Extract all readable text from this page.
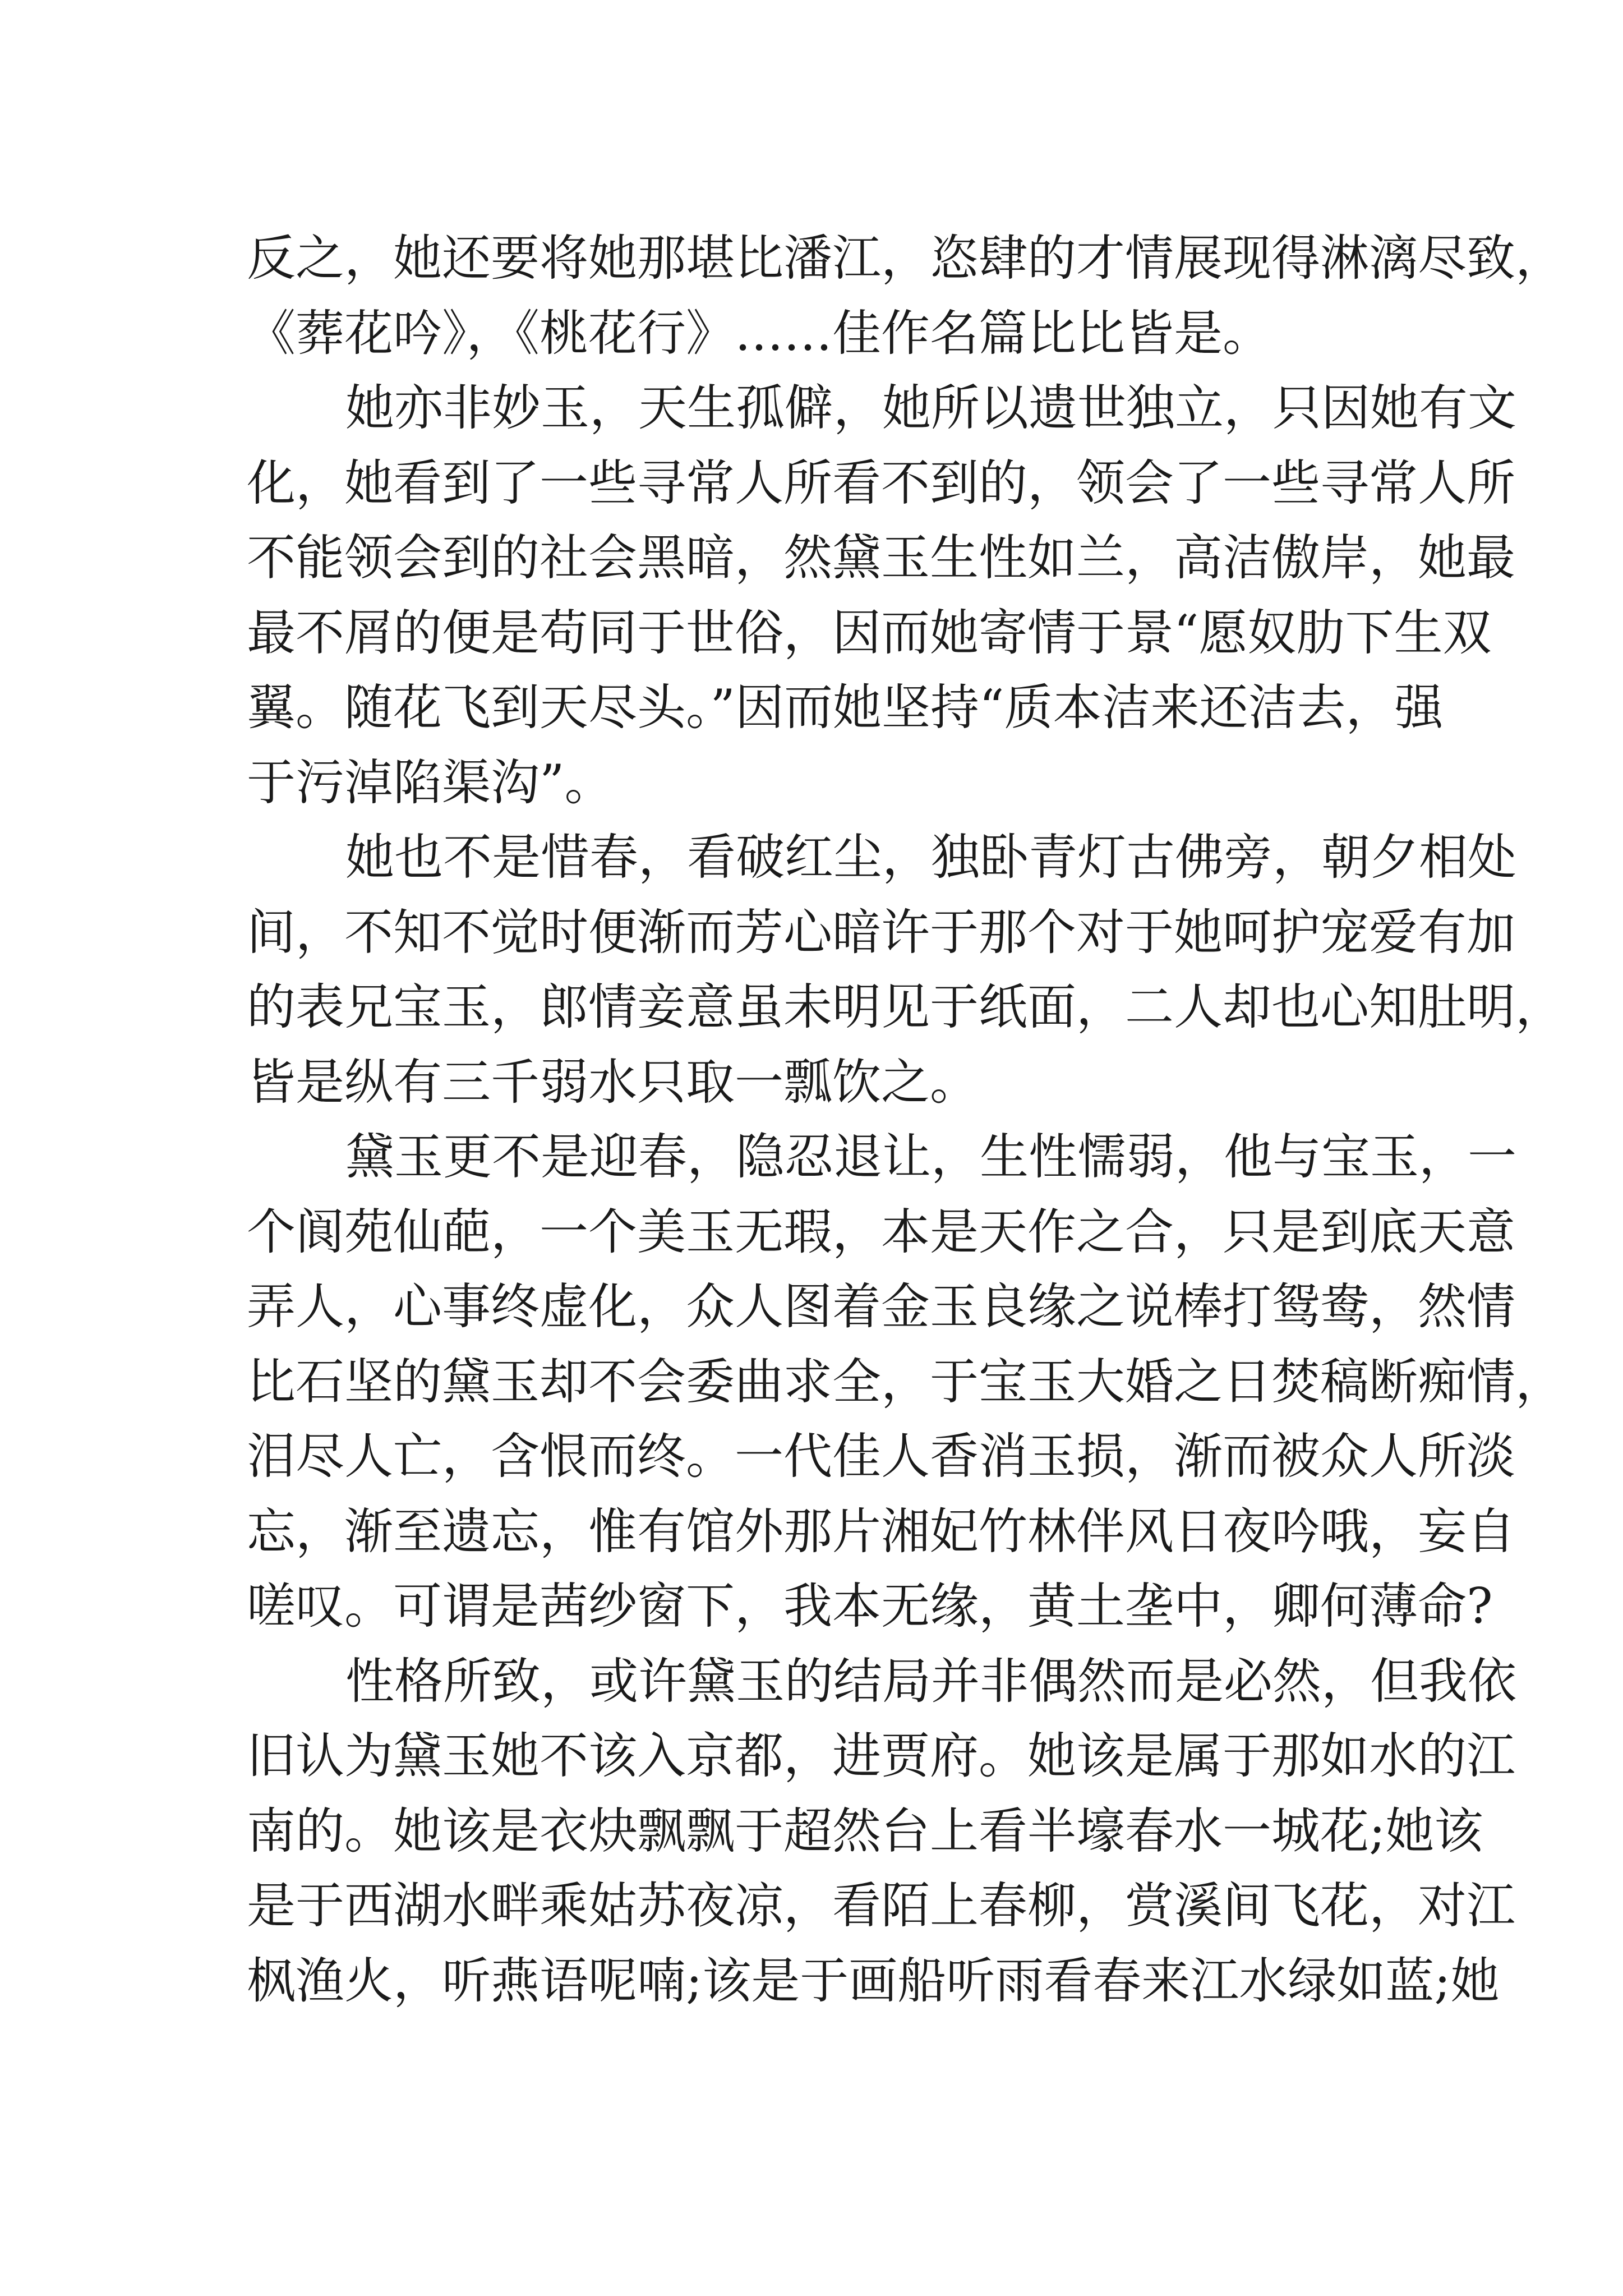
反之，她还要将她那堪比潘江，恣肆的才情展现得淋漓尽致，
《葬花吟》，《桃花行》……佳作名篇比比皆是。
她亦非妙玉，天生孤僻，她所以遗世独立，只因她有文
化，她看到了一些寻常人所看不到的，领会了一些寻常人所
不能领会到的社会黑暗，然黛玉生性如兰，高洁傲岸，她最
最不屑的便是苟同于世俗，因而她寄情于景“愿奴肋下生双
翼。随花飞到天尽头。”因而她坚持“质本洁来还洁去，强
于污淖陷渠沟”。
她也不是惜春，看破红尘，独卧青灯古佛旁，朝夕相处
间，不知不觉时便渐而芳心暗许于那个对于她呵护宠爱有加
的表兄宝玉，郎情妾意虽未明见于纸面，二人却也心知肚明，
皆是纵有三千弱水只取一瓢饮之。
黛玉更不是迎春，隐忍退让，生性懦弱，他与宝玉，一
个阆苑仙葩，一个美玉无瑕，本是天作之合，只是到底天意
弄人，心事终虚化，众人图着金玉良缘之说棒打鸳鸯，然情
比石坚的黛玉却不会委曲求全，于宝玉大婚之日焚稿断痴情，
泪尽人亡，含恨而终。一代佳人香消玉损，渐而被众人所淡
忘，渐至遗忘，惟有馆外那片湘妃竹林伴风日夜吟哦，妄自
嗟叹。可谓是茜纱窗下，我本无缘，黄土垄中，卿何薄命?
性格所致，或许黛玉的结局并非偶然而是必然，但我依
旧认为黛玉她不该入京都，进贾府。她该是属于那如水的江
南的。她该是衣炔飘飘于超然台上看半壕春水一城花;她该
是于西湖水畔乘姑苏夜凉，看陌上春柳，赏溪间飞花，对江
枫渔火，听燕语呢喃;该是于画船听雨看春来江水绿如蓝;她
